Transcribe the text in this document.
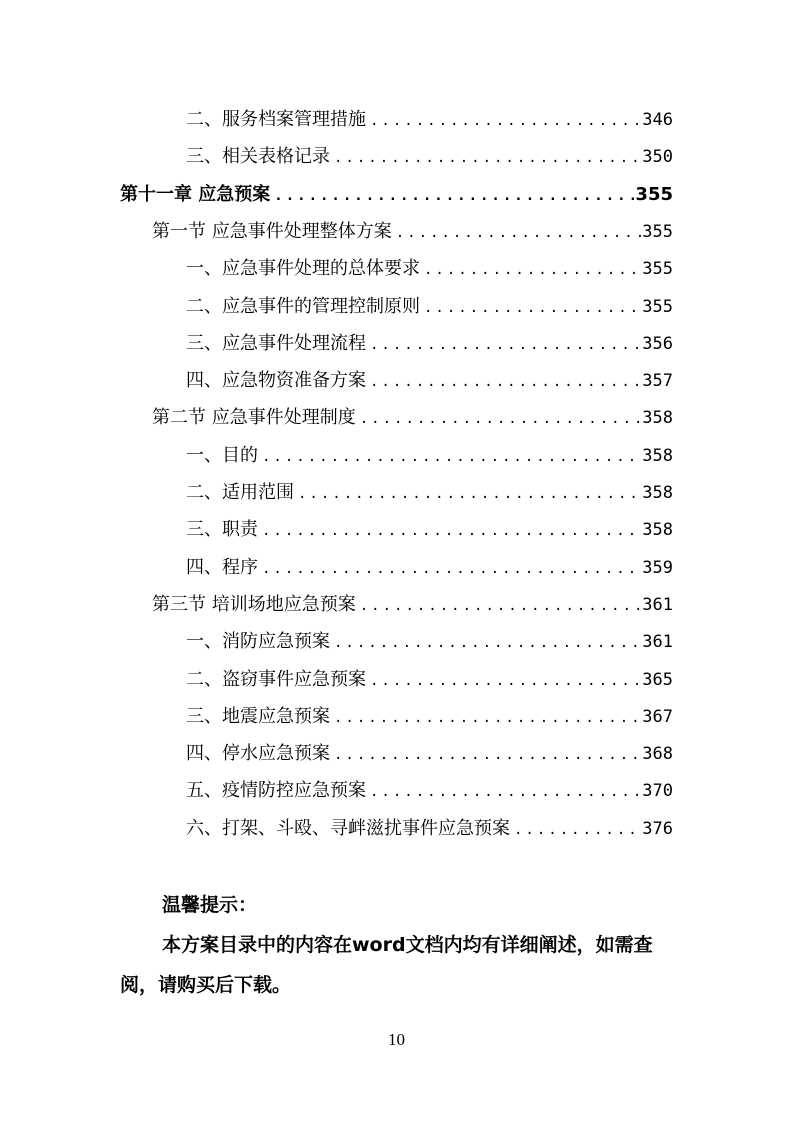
二、服务档案管理措施 .....	346
三、相关表格记录 .....	350
第十一章 应急预案 .....	355
第一节 应急事件处理整体方案 .....	355
一、应急事件处理的总体要求 .....	355
二、应急事件的管理控制原则 .....	355
三、应急事件处理流程 .....	356
四、应急物资准备方案 .....	357
第二节 应急事件处理制度 .....	358
一、目的 .....	358
二、适用范围 .....	358
三、职责 .....	358
四、程序 .....	359
第三节 培训场地应急预案 .....	361
一、消防应急预案 .....	361
二、盗窃事件应急预案 .....	365
三、地震应急预案 .....	367
四、停水应急预案 .....	368
五、疫情防控应急预案 .....	370
六、打架、斗殴、寻衅滋扰事件应急预案 .....	376
温馨提示：
本方案目录中的内容在word文档内均有详细阐述，如需查阅，请购买后下载。
10
